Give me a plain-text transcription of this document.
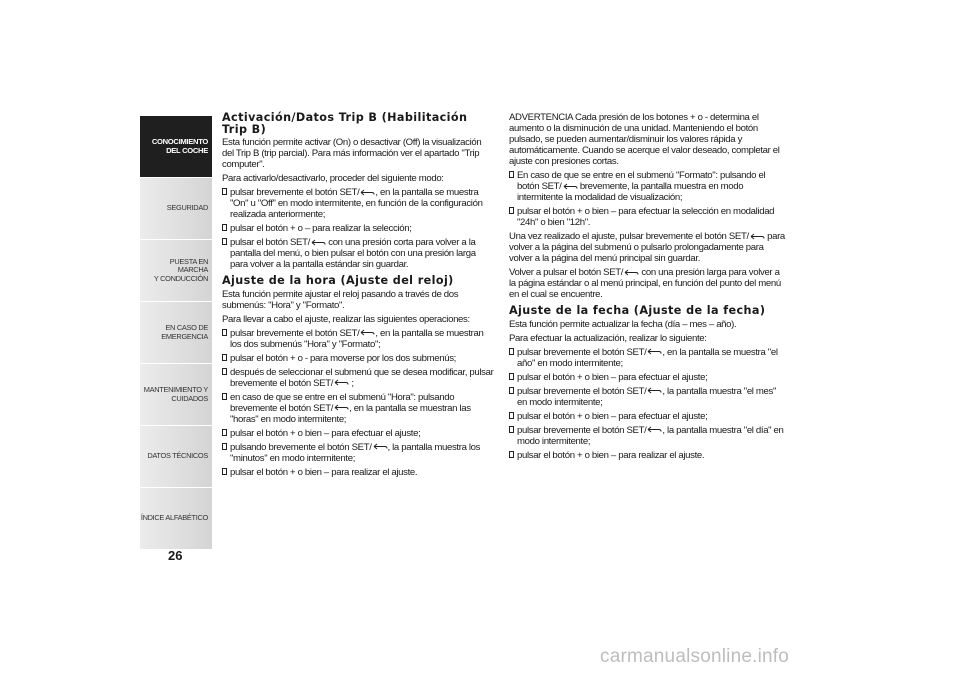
CONOCIMIENTO
DEL COCHE
SEGURIDAD
PUESTA EN MARCHA
Y CONDUCCIÓN
EN CASO DE
EMERGENCIA
MANTENIMIENTO Y
CUIDADOS
DATOS TÉCNICOS
ÍNDICE ALFABÉTICO
26
Activación/Datos Trip B (Habilitación Trip B)

Esta función permite activar (On) o desactivar (Off) la visualización del Trip B (trip parcial). Para más información ver el apartado "Trip computer".

Para activarlo/desactivarlo, proceder del siguiente modo:

pulsar brevemente el botón SET/ , en la pantalla se muestra "On" u "Off" en modo intermitente, en función de la configuración realizada anteriormente;
pulsar el botón + o – para realizar la selección;
pulsar el botón SET/ con una presión corta para volver a la pantalla del menú, o bien pulsar el botón con una presión larga para volver a la pantalla estándar sin guardar.
Ajuste de la hora (Ajuste del reloj)

Esta función permite ajustar el reloj pasando a través de dos submenús: "Hora" y "Formato".

Para llevar a cabo el ajuste, realizar las siguientes operaciones:

pulsar brevemente el botón SET/ , en la pantalla se muestran los dos submenús "Hora" y "Formato";
pulsar el botón + o - para moverse por los dos submenús;
después de seleccionar el submenú que se desea modificar, pulsar brevemente el botón SET/ ;
en caso de que se entre en el submenú "Hora": pulsando brevemente el botón SET/ , en la pantalla se muestran las "horas" en modo intermitente;
pulsar el botón + o bien – para efectuar el ajuste;
pulsando brevemente el botón SET/ , la pantalla muestra los "minutos" en modo intermitente;
pulsar el botón + o bien – para realizar el ajuste.

ADVERTENCIA Cada presión de los botones + o - determina el aumento o la disminución de una unidad. Manteniendo el botón pulsado, se pueden aumentar/disminuir los valores rápida y automáticamente. Cuando se acerque el valor deseado, completar el ajuste con presiones cortas.

En caso de que se entre en el submenú "Formato": pulsando el botón SET/ brevemente, la pantalla muestra en modo intermitente la modalidad de visualización;
pulsar el botón + o bien – para efectuar la selección en modalidad "24h" o bien "12h".

Una vez realizado el ajuste, pulsar brevemente el botón SET/ para volver a la página del submenú o pulsarlo prolongadamente para volver a la página del menú principal sin guardar.

Volver a pulsar el botón SET/ con una presión larga para volver a la página estándar o al menú principal, en función del punto del menú en el cual se encuentre.

Ajuste de la fecha (Ajuste de la fecha)

Esta función permite actualizar la fecha (día – mes – año).

Para efectuar la actualización, realizar lo siguiente:

pulsar brevemente el botón SET/ , en la pantalla se muestra "el año" en modo intermitente;
pulsar el botón + o bien – para efectuar el ajuste;
pulsar brevemente el botón SET/ , la pantalla muestra "el mes" en modo intermitente;
pulsar el botón + o bien – para efectuar el ajuste;
pulsar brevemente el botón SET/ , la pantalla muestra "el día" en modo intermitente;
pulsar el botón + o bien – para realizar el ajuste.
carmanualsonline.info
